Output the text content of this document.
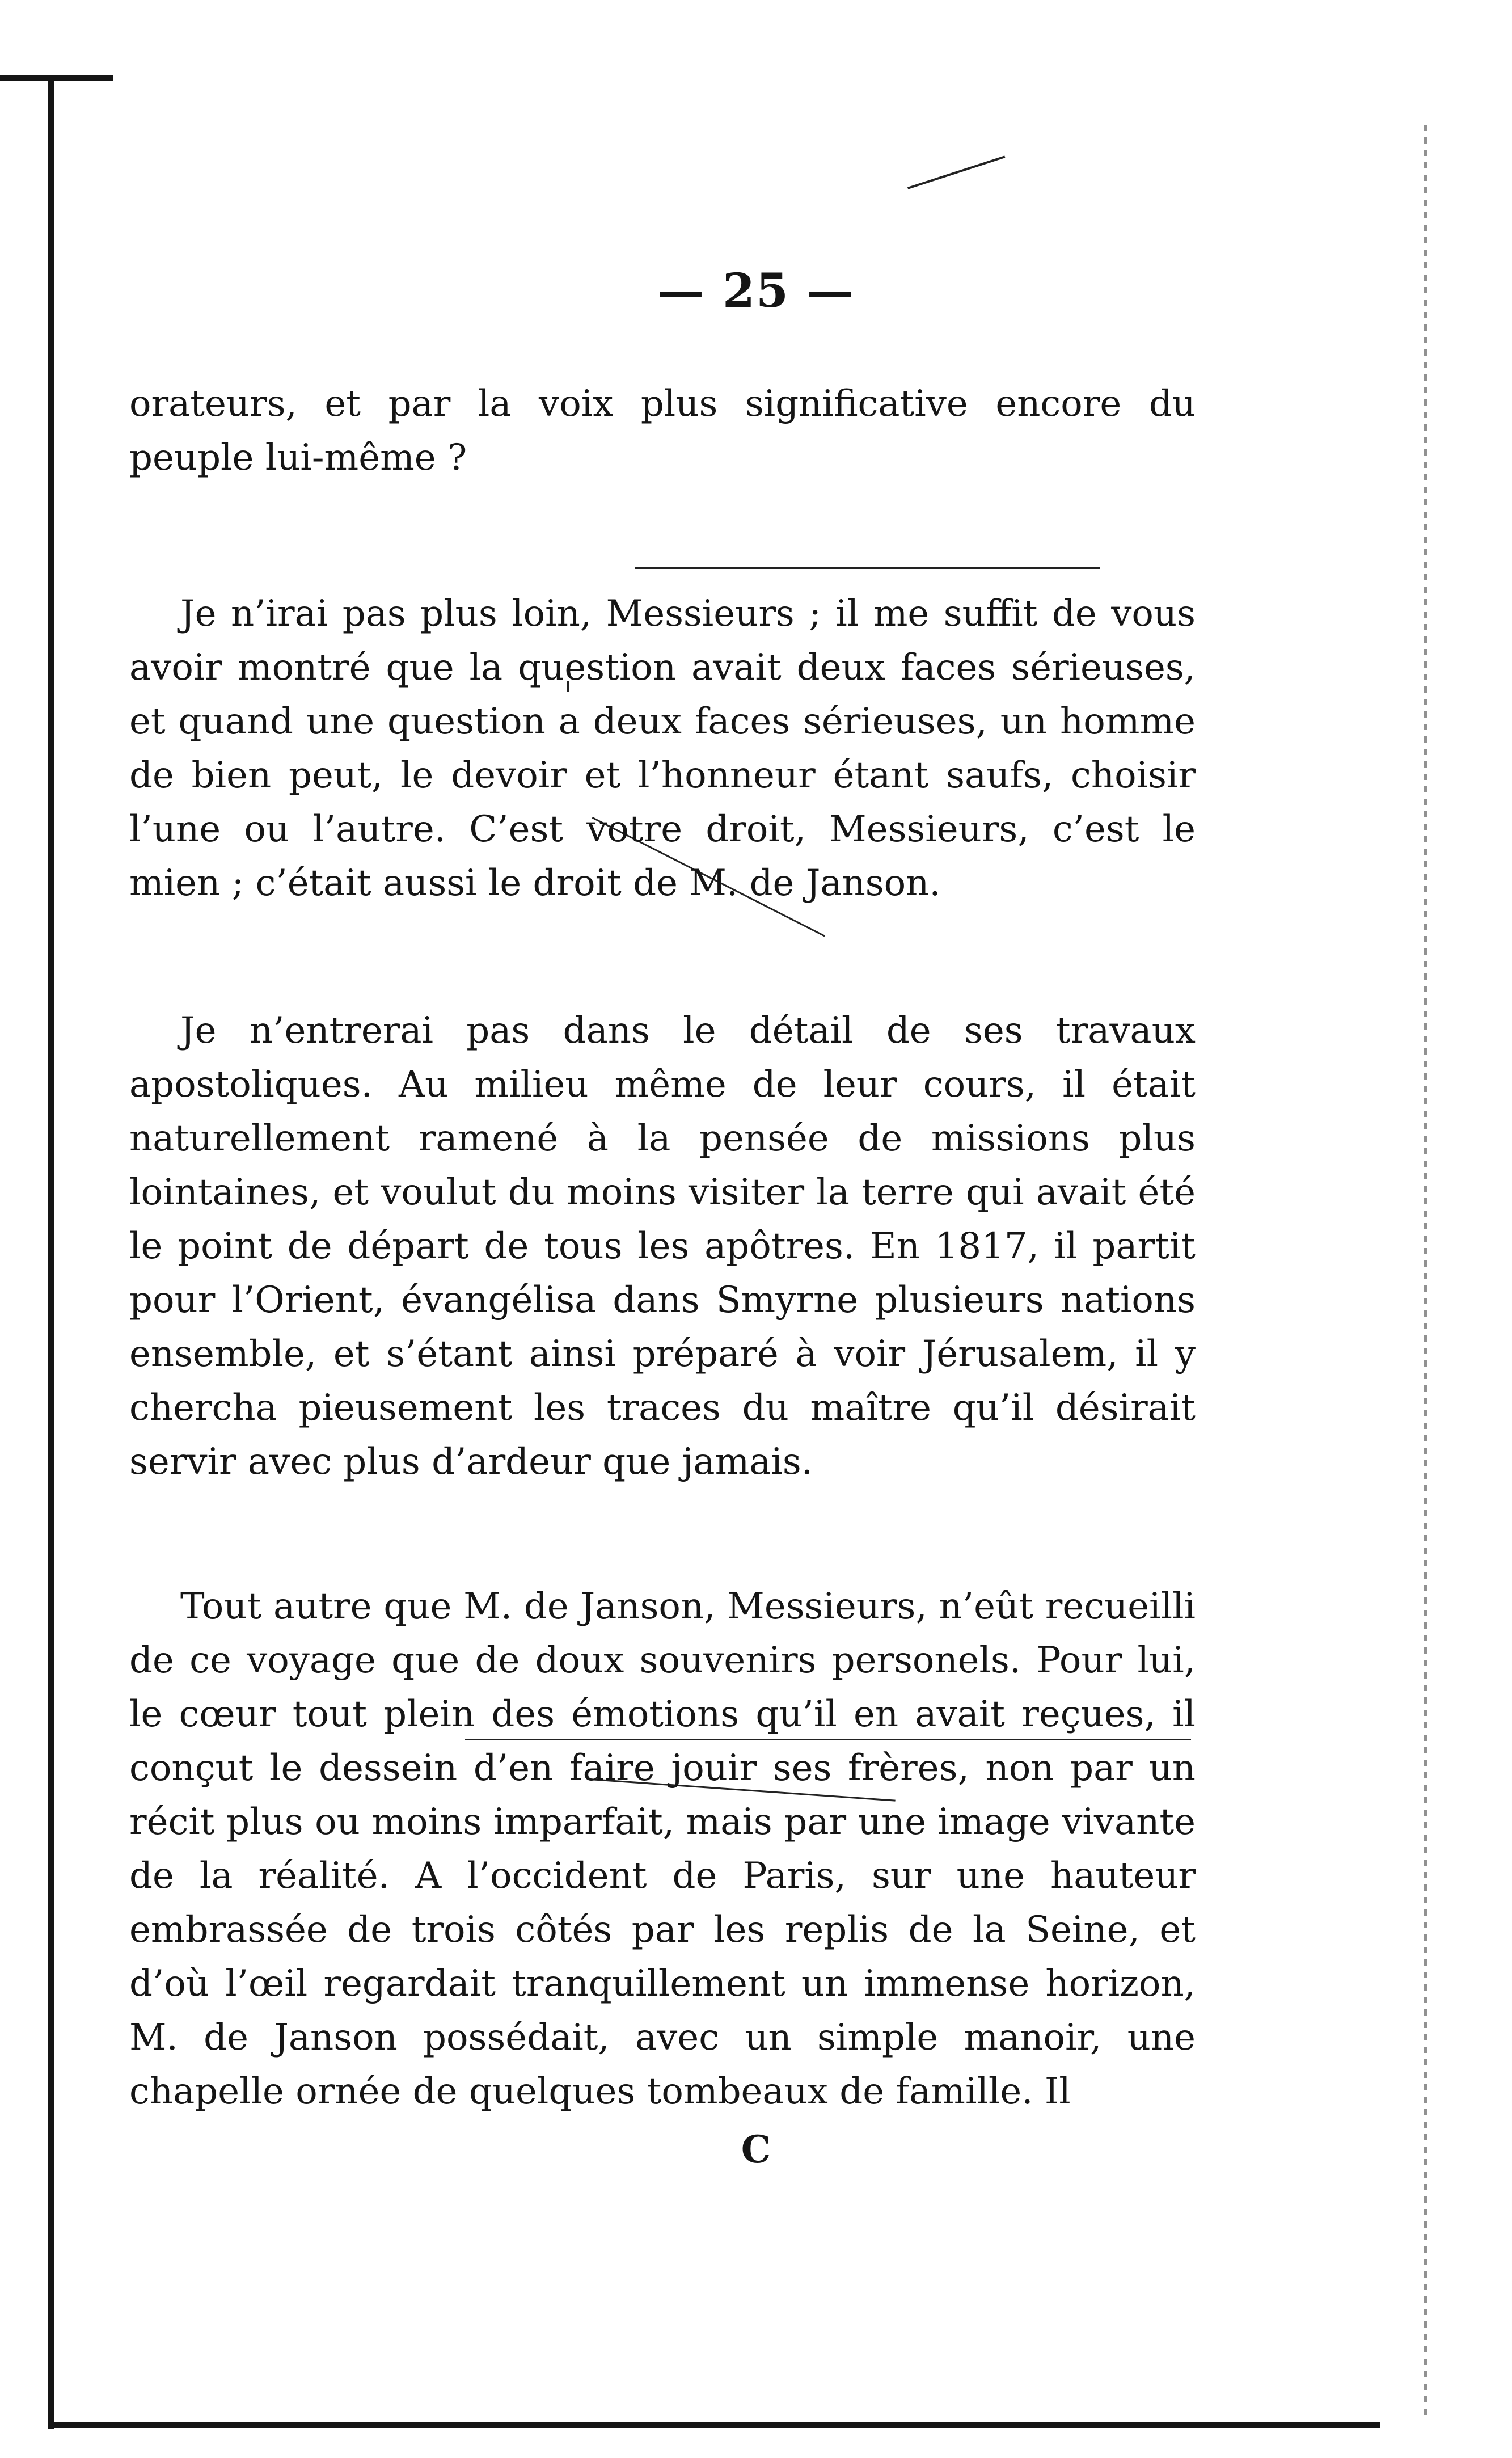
— 25 —

orateurs, et par la voix plus significative encore du peuple lui-même ?

Je n’irai pas plus loin, Messieurs ; il me suffit de vous avoir montré que la question avait deux faces sérieuses, et quand une question a deux faces sérieuses, un homme de bien peut, le devoir et l’honneur étant saufs, choisir l’une ou l’autre. C’est votre droit, Messieurs, c’est le mien ; c’était aussi le droit de M. de Janson.

Je n’entrerai pas dans le détail de ses travaux apostoliques. Au milieu même de leur cours, il était naturellement ramené à la pensée de missions plus lointaines, et voulut du moins visiter la terre qui avait été le point de départ de tous les apôtres. En 1817, il partit pour l’Orient, évangélisa dans Smyrne plusieurs nations ensemble, et s’étant ainsi préparé à voir Jérusalem, il y chercha pieusement les traces du maître qu’il désirait servir avec plus d’ardeur que jamais.

Tout autre que M. de Janson, Messieurs, n’eût recueilli de ce voyage que de doux souvenirs personels. Pour lui, le cœur tout plein des émotions qu’il en avait reçues, il conçut le dessein d’en faire jouir ses frères, non par un récit plus ou moins imparfait, mais par une image vivante de la réalité. A l’occident de Paris, sur une hauteur embrassée de trois côtés par les replis de la Seine, et d’où l’œil regardait tranquillement un immense horizon, M. de Janson possédait, avec un simple manoir, une chapelle ornée de quelques tombeaux de famille. Il

C
